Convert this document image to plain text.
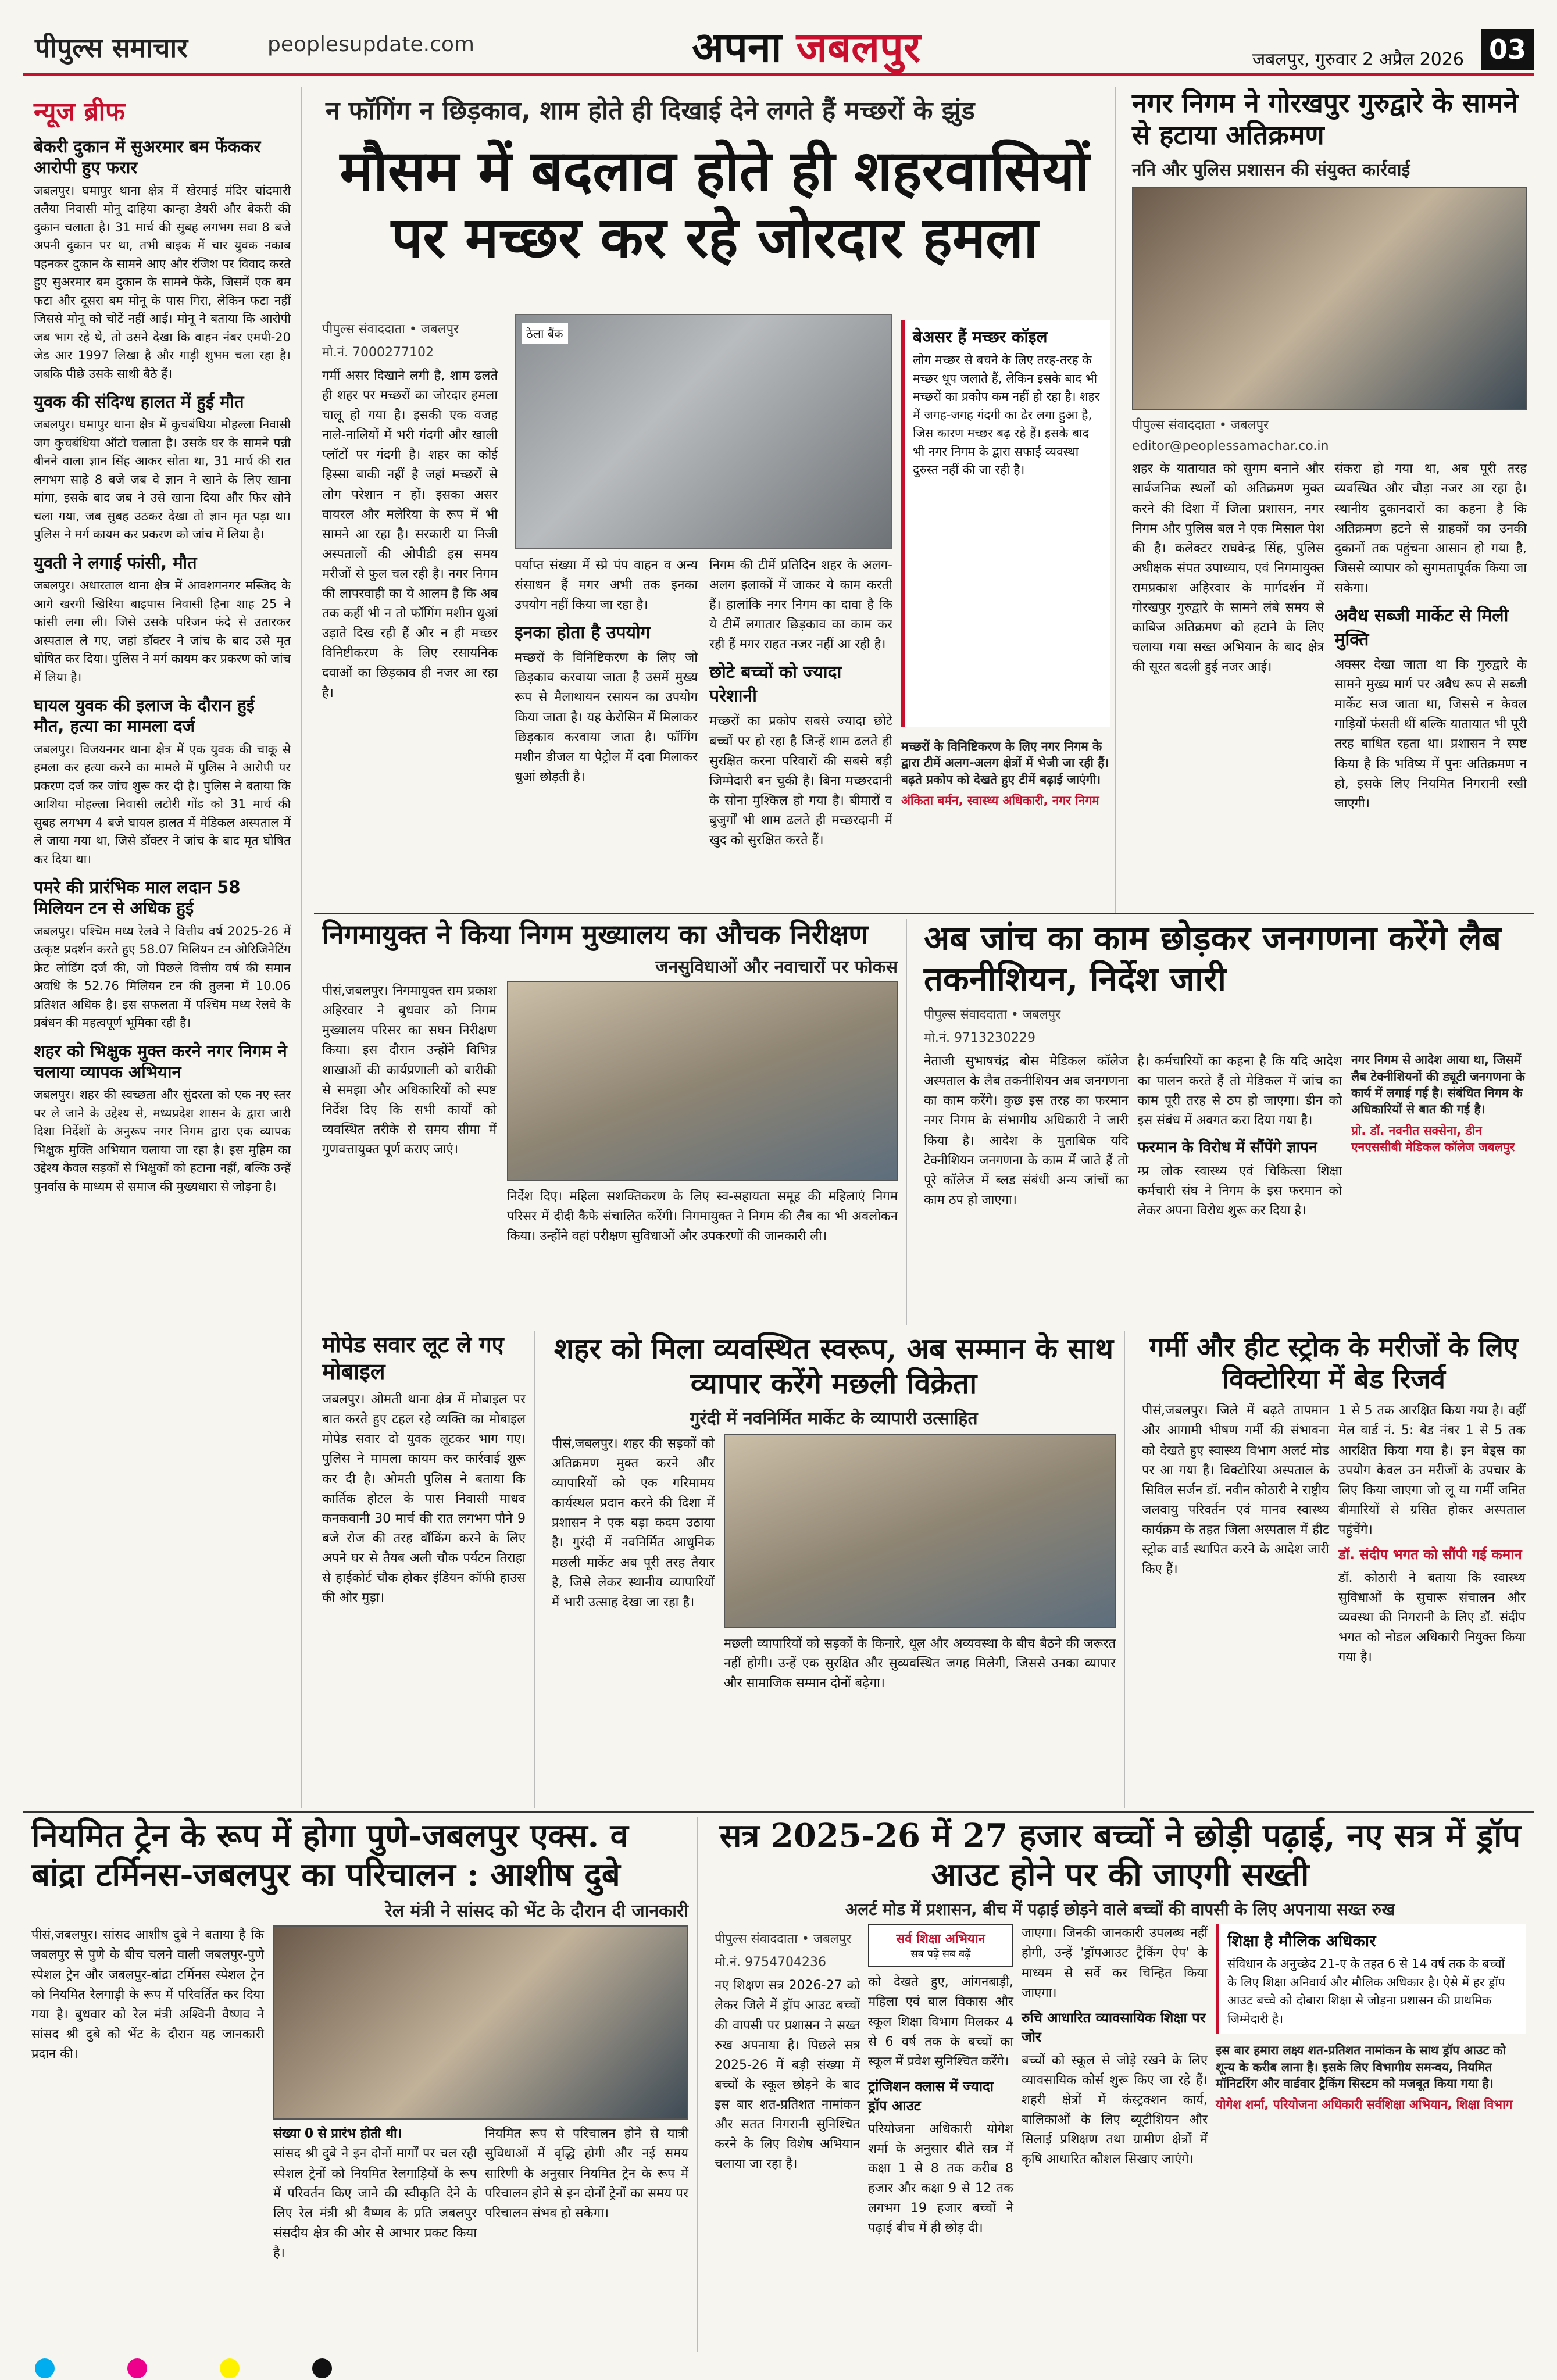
पीपुल्स समाचार	peoplesupdate.com	अपना जबलपुर	जबलपुर, गुरुवार 2 अप्रैल 2026 03
न्यूज ब्रीफ
बेकरी दुकान में सुअरमार बम फेंककर आरोपी हुए फरार

जबलपुर। घमापुर थाना क्षेत्र में खेरमाई मंदिर चांदमारी तलैया निवासी मोनू दाहिया कान्हा डेयरी और बेकरी की दुकान चलाता है। 31 मार्च की सुबह लगभग सवा 8 बजे अपनी दुकान पर था, तभी बाइक में चार युवक नकाब पहनकर दुकान के सामने आए और रंजिश पर विवाद करते हुए सुअरमार बम दुकान के सामने फेंके, जिसमें एक बम फटा और दूसरा बम मोनू के पास गिरा, लेकिन फटा नहीं जिससे मोनू को चोटें नहीं आई। मोनू ने बताया कि आरोपी जब भाग रहे थे, तो उसने देखा कि वाहन नंबर एमपी-20 जेड आर 1997 लिखा है और गाड़ी शुभम चला रहा है। जबकि पीछे उसके साथी बैठे हैं।

युवक की संदिग्ध हालत में हुई मौत

जबलपुर। घमापुर थाना क्षेत्र में कुचबंधिया मोहल्ला निवासी जग कुचबंधिया ऑटो चलाता है। उसके घर के सामने पन्नी बीनने वाला ज्ञान सिंह आकर सोता था, 31 मार्च की रात लगभग साढ़े 8 बजे जब वे ज्ञान ने खाने के लिए खाना मांगा, इसके बाद जब ने उसे खाना दिया और फिर सोने चला गया, जब सुबह उठकर देखा तो ज्ञान मृत पड़ा था। पुलिस ने मर्ग कायम कर प्रकरण को जांच में लिया है।

युवती ने लगाई फांसी, मौत

जबलपुर। अधारताल थाना क्षेत्र में आवशगनगर मस्जिद के आगे खरगी खिरिया बाइपास निवासी हिना शाह 25 ने फांसी लगा ली। जिसे उसके परिजन फंदे से उतारकर अस्पताल ले गए, जहां डॉक्टर ने जांच के बाद उसे मृत घोषित कर दिया। पुलिस ने मर्ग कायम कर प्रकरण को जांच में लिया है।

घायल युवक की इलाज के दौरान हुई मौत, हत्या का मामला दर्ज

जबलपुर। विजयनगर थाना क्षेत्र में एक युवक की चाकू से हमला कर हत्या करने का मामले में पुलिस ने आरोपी पर प्रकरण दर्ज कर जांच शुरू कर दी है। पुलिस ने बताया कि आशिया मोहल्ला निवासी लटोरी गोंड को 31 मार्च की सुबह लगभग 4 बजे घायल हालत में मेडिकल अस्पताल में ले जाया गया था, जिसे डॉक्टर ने जांच के बाद मृत घोषित कर दिया था।

पमरे की प्रारंभिक माल लदान 58 मिलियन टन से अधिक हुई

जबलपुर। पश्चिम मध्य रेलवे ने वित्तीय वर्ष 2025-26 में उत्कृष्ट प्रदर्शन करते हुए 58.07 मिलियन टन ओरिजिनेटिंग फ्रेट लोडिंग दर्ज की, जो पिछले वित्तीय वर्ष की समान अवधि के 52.76 मिलियन टन की तुलना में 10.06 प्रतिशत अधिक है। इस सफलता में पश्चिम मध्य रेलवे के प्रबंधन की महत्वपूर्ण भूमिका रही है।

शहर को भिक्षुक मुक्त करने नगर निगम ने चलाया व्यापक अभियान

जबलपुर। शहर की स्वच्छता और सुंदरता को एक नए स्तर पर ले जाने के उद्देश्य से, मध्यप्रदेश शासन के द्वारा जारी दिशा निर्देशों के अनुरूप नगर निगम द्वारा एक व्यापक भिक्षुक मुक्ति अभियान चलाया जा रहा है। इस मुहिम का उद्देश्य केवल सड़कों से भिक्षुकों को हटाना नहीं, बल्कि उन्हें पुनर्वास के माध्यम से समाज की मुख्यधारा से जोड़ना है।

न फॉगिंग न छिड़काव, शाम होते ही दिखाई देने लगते हैं मच्छरों के झुंड
मौसम में बदलाव होते ही शहरवासियों पर मच्छर कर रहे जोरदार हमला
पीपुल्स संवाददाता • जबलपुर
मो.नं. 7000277102
गर्मी असर दिखाने लगी है, शाम ढलते ही शहर पर मच्छरों का जोरदार हमला चालू हो गया है। इसकी एक वजह नाले-नालियों में भरी गंदगी और खाली प्लॉटों पर गंदगी है। शहर का कोई हिस्सा बाकी नहीं है जहां मच्छरों से लोग परेशान न हों। इसका असर वायरल और मलेरिया के रूप में भी सामने आ रहा है। सरकारी या निजी अस्पतालों की ओपीडी इस समय मरीजों से फुल चल रही है। नगर निगम की लापरवाही का ये आलम है कि अब तक कहीं भी न तो फॉगिंग मशीन धुआं उड़ाते दिख रही हैं और न ही मच्छर विनिष्टीकरण के लिए रसायनिक दवाओं का छिड़काव ही नजर आ रहा है।
ठेला बैंक
पर्याप्त संख्या में स्प्रे पंप वाहन व अन्य संसाधन हैं मगर अभी तक इनका उपयोग नहीं किया जा रहा है।
इनका होता है उपयोग
मच्छरों के विनिष्टिकरण के लिए जो छिड़काव करवाया जाता है उसमें मुख्य रूप से मैलाथायन रसायन का उपयोग किया जाता है। यह केरोसिन में मिलाकर छिड़काव करवाया जाता है। फॉगिंग मशीन डीजल या पेट्रोल में दवा मिलाकर धुआं छोड़ती है।
निगम की टीमें प्रतिदिन शहर के अलग-अलग इलाकों में जाकर ये काम करती हैं। हालांकि नगर निगम का दावा है कि ये टीमें लगातार छिड़काव का काम कर रही हैं मगर राहत नजर नहीं आ रही है।
छोटे बच्चों को ज्यादा परेशानी
मच्छरों का प्रकोप सबसे ज्यादा छोटे बच्चों पर हो रहा है जिन्हें शाम ढलते ही सुरक्षित करना परिवारों की सबसे बड़ी जिम्मेदारी बन चुकी है। बिना मच्छरदानी के सोना मुश्किल हो गया है। बीमारों व बुजुर्गों भी शाम ढलते ही मच्छरदानी में खुद को सुरक्षित करते हैं।
बेअसर हैं मच्छर कॉइल

लोग मच्छर से बचने के लिए तरह-तरह के मच्छर धूप जलाते हैं, लेकिन इसके बाद भी मच्छरों का प्रकोप कम नहीं हो रहा है। शहर में जगह-जगह गंदगी का ढेर लगा हुआ है, जिस कारण मच्छर बढ़ रहे हैं। इसके बाद भी नगर निगम के द्वारा सफाई व्यवस्था दुरुस्त नहीं की जा रही है।

मच्छरों के विनिष्टिकरण के लिए नगर निगम के द्वारा टीमें अलग-अलग क्षेत्रों में भेजी जा रही हैं। बढ़ते प्रकोप को देखते हुए टीमें बढ़ाई जाएंगी।
अंकिता बर्मन, स्वास्थ्य अधिकारी, नगर निगम
नगर निगम ने गोरखपुर गुरुद्वारे के सामने से हटाया अतिक्रमण
ननि और पुलिस प्रशासन की संयुक्त कार्रवाई
पीपुल्स संवाददाता • जबलपुर
editor@peoplessamachar.co.in
शहर के यातायात को सुगम बनाने और सार्वजनिक स्थलों को अतिक्रमण मुक्त करने की दिशा में जिला प्रशासन, नगर निगम और पुलिस बल ने एक मिसाल पेश की है। कलेक्टर राघवेन्द्र सिंह, पुलिस अधीक्षक संपत उपाध्याय, एवं निगमायुक्त रामप्रकाश अहिरवार के मार्गदर्शन में गोरखपुर गुरुद्वारे के सामने लंबे समय से काबिज अतिक्रमण को हटाने के लिए चलाया गया सख्त अभियान के बाद क्षेत्र की सूरत बदली हुई नजर आई।
संकरा हो गया था, अब पूरी तरह व्यवस्थित और चौड़ा नजर आ रहा है। स्थानीय दुकानदारों का कहना है कि अतिक्रमण हटने से ग्राहकों का उनकी दुकानों तक पहुंचना आसान हो गया है, जिससे व्यापार को सुगमतापूर्वक किया जा सकेगा।
अवैध सब्जी मार्केट से मिली मुक्ति
अक्सर देखा जाता था कि गुरुद्वारे के सामने मुख्य मार्ग पर अवैध रूप से सब्जी मार्केट सज जाता था, जिससे न केवल गाड़ियों फंसती थीं बल्कि यातायात भी पूरी तरह बाधित रहता था। प्रशासन ने स्पष्ट किया है कि भविष्य में पुनः अतिक्रमण न हो, इसके लिए नियमित निगरानी रखी जाएगी।
निगमायुक्त ने किया निगम मुख्यालय का औचक निरीक्षण
जनसुविधाओं और नवाचारों पर फोकस
पीसं,जबलपुर। निगमायुक्त राम प्रकाश अहिरवार ने बुधवार को निगम मुख्यालय परिसर का सघन निरीक्षण किया। इस दौरान उन्होंने विभिन्न शाखाओं की कार्यप्रणाली को बारीकी से समझा और अधिकारियों को स्पष्ट निर्देश दिए कि सभी कार्यों को व्यवस्थित तरीके से समय सीमा में गुणवत्तायुक्त पूर्ण कराए जाएं।
निर्देश दिए। महिला सशक्तिकरण के लिए स्व-सहायता समूह की महिलाएं निगम परिसर में दीदी कैफे संचालित करेंगी। निगमायुक्त ने निगम की लैब का भी अवलोकन किया। उन्होंने वहां परीक्षण सुविधाओं और उपकरणों की जानकारी ली।
अब जांच का काम छोड़कर जनगणना करेंगे लैब तकनीशियन, निर्देश जारी
पीपुल्स संवाददाता • जबलपुर
मो.नं. 9713230229
नेताजी सुभाषचंद्र बोस मेडिकल कॉलेज अस्पताल के लैब तकनीशियन अब जनगणना का काम करेंगे। कुछ इस तरह का फरमान नगर निगम के संभागीय अधिकारी ने जारी किया है। आदेश के मुताबिक यदि टेक्नीशियन जनगणना के काम में जाते हैं तो पूरे कॉलेज में ब्लड संबंधी अन्य जांचों का काम ठप हो जाएगा।
है। कर्मचारियों का कहना है कि यदि आदेश का पालन करते हैं तो मेडिकल में जांच का काम पूरी तरह से ठप हो जाएगा। डीन को इस संबंध में अवगत करा दिया गया है।
फरमान के विरोध में सौंपेंगे ज्ञापन
म्प्र लोक स्वास्थ्य एवं चिकित्सा शिक्षा कर्मचारी संघ ने निगम के इस फरमान को लेकर अपना विरोध शुरू कर दिया है।
नगर निगम से आदेश आया था, जिसमें लैब टेक्नीशियनों की ड्यूटी जनगणना के कार्य में लगाई गई है। संबंधित निगम के अधिकारियों से बात की गई है।
प्रो. डॉ. नवनीत सक्सेना, डीन एनएससीबी मेडिकल कॉलेज जबलपुर
मोपेड सवार लूट ले गए मोबाइल
जबलपुर। ओमती थाना क्षेत्र में मोबाइल पर बात करते हुए टहल रहे व्यक्ति का मोबाइल मोपेड सवार दो युवक लूटकर भाग गए। पुलिस ने मामला कायम कर कार्रवाई शुरू कर दी है। ओमती पुलिस ने बताया कि कार्तिक होटल के पास निवासी माधव कनकवानी 30 मार्च की रात लगभग पौने 9 बजे रोज की तरह वॉकिंग करने के लिए अपने घर से तैयब अली चौक पर्यटन तिराहा से हाईकोर्ट चौक होकर इंडियन कॉफी हाउस की ओर मुड़ा।
शहर को मिला व्यवस्थित स्वरूप, अब सम्मान के साथ व्यापार करेंगे मछली विक्रेता
गुरंदी में नवनिर्मित मार्केट के व्यापारी उत्साहित
पीसं,जबलपुर। शहर की सड़कों को अतिक्रमण मुक्त करने और व्यापारियों को एक गरिमामय कार्यस्थल प्रदान करने की दिशा में प्रशासन ने एक बड़ा कदम उठाया है। गुरंदी में नवनिर्मित आधुनिक मछली मार्केट अब पूरी तरह तैयार है, जिसे लेकर स्थानीय व्यापारियों में भारी उत्साह देखा जा रहा है।
मछली व्यापारियों को सड़कों के किनारे, धूल और अव्यवस्था के बीच बैठने की जरूरत नहीं होगी। उन्हें एक सुरक्षित और सुव्यवस्थित जगह मिलेगी, जिससे उनका व्यापार और सामाजिक सम्मान दोनों बढ़ेगा।
गर्मी और हीट स्ट्रोक के मरीजों के लिए विक्टोरिया में बेड रिजर्व
पीसं,जबलपुर। जिले में बढ़ते तापमान और आगामी भीषण गर्मी की संभावना को देखते हुए स्वास्थ्य विभाग अलर्ट मोड पर आ गया है। विक्टोरिया अस्पताल के सिविल सर्जन डॉ. नवीन कोठारी ने राष्ट्रीय जलवायु परिवर्तन एवं मानव स्वास्थ्य कार्यक्रम के तहत जिला अस्पताल में हीट स्ट्रोक वार्ड स्थापित करने के आदेश जारी किए हैं।
1 से 5 तक आरक्षित किया गया है। वहीं मेल वार्ड नं. 5: बेड नंबर 1 से 5 तक आरक्षित किया गया है। इन बेड्स का उपयोग केवल उन मरीजों के उपचार के लिए किया जाएगा जो लू या गर्मी जनित बीमारियों से ग्रसित होकर अस्पताल पहुंचेंगे।
डॉ. संदीप भगत को सौंपी गई कमान
डॉ. कोठारी ने बताया कि स्वास्थ्य सुविधाओं के सुचारू संचालन और व्यवस्था की निगरानी के लिए डॉ. संदीप भगत को नोडल अधिकारी नियुक्त किया गया है।
नियमित ट्रेन के रूप में होगा पुणे-जबलपुर एक्स. व बांद्रा टर्मिनस-जबलपुर का परिचालन : आशीष दुबे
रेल मंत्री ने सांसद को भेंट के दौरान दी जानकारी
पीसं,जबलपुर। सांसद आशीष दुबे ने बताया है कि जबलपुर से पुणे के बीच चलने वाली जबलपुर-पुणे स्पेशल ट्रेन और जबलपुर-बांद्रा टर्मिनस स्पेशल ट्रेन को नियमित रेलगाड़ी के रूप में परिवर्तित कर दिया गया है। बुधवार को रेल मंत्री अश्विनी वैष्णव ने सांसद श्री दुबे को भेंट के दौरान यह जानकारी प्रदान की।
संख्या 0 से प्रारंभ होती थी।
सांसद श्री दुबे ने इन दोनों मार्गों पर चल रही स्पेशल ट्रेनों को नियमित रेलगाड़ियों के रूप में परिवर्तन किए जाने की स्वीकृति देने के लिए रेल मंत्री श्री वैष्णव के प्रति जबलपुर संसदीय क्षेत्र की ओर से आभार प्रकट किया है।
नियमित रूप से परिचालन होने से यात्री सुविधाओं में वृद्धि होगी और नई समय सारिणी के अनुसार नियमित ट्रेन के रूप में परिचालन होने से इन दोनों ट्रेनों का समय पर परिचालन संभव हो सकेगा।
सत्र 2025-26 में 27 हजार बच्चों ने छोड़ी पढ़ाई, नए सत्र में ड्रॉप आउट होने पर की जाएगी सख्ती
अलर्ट मोड में प्रशासन, बीच में पढ़ाई छोड़ने वाले बच्चों की वापसी के लिए अपनाया सख्त रुख
पीपुल्स संवाददाता • जबलपुर
मो.नं. 9754704236
नए शिक्षण सत्र 2026-27 को लेकर जिले में ड्रॉप आउट बच्चों की वापसी पर प्रशासन ने सख्त रुख अपनाया है। पिछले सत्र 2025-26 में बड़ी संख्या में बच्चों के स्कूल छोड़ने के बाद इस बार शत-प्रतिशत नामांकन और सतत निगरानी सुनिश्चित करने के लिए विशेष अभियान चलाया जा रहा है।
सर्व शिक्षा अभियान
सब पढ़ें सब बढ़ें
को देखते हुए, आंगनबाड़ी, महिला एवं बाल विकास और स्कूल शिक्षा विभाग मिलकर 4 से 6 वर्ष तक के बच्चों का स्कूल में प्रवेश सुनिश्चित करेंगे।
ट्रांजिशन क्लास में ज्यादा ड्रॉप आउट
परियोजना अधिकारी योगेश शर्मा के अनुसार बीते सत्र में कक्षा 1 से 8 तक करीब 8 हजार और कक्षा 9 से 12 तक लगभग 19 हजार बच्चों ने पढ़ाई बीच में ही छोड़ दी।
जाएगा। जिनकी जानकारी उपलब्ध नहीं होगी, उन्हें 'ड्रॉपआउट ट्रैकिंग ऐप' के माध्यम से सर्वे कर चिन्हित किया जाएगा।
रुचि आधारित व्यावसायिक शिक्षा पर जोर
बच्चों को स्कूल से जोड़े रखने के लिए व्यावसायिक कोर्स शुरू किए जा रहे हैं। शहरी क्षेत्रों में कंस्ट्रक्शन कार्य, बालिकाओं के लिए ब्यूटीशियन और सिलाई प्रशिक्षण तथा ग्रामीण क्षेत्रों में कृषि आधारित कौशल सिखाए जाएंगे।
शिक्षा है मौलिक अधिकार

संविधान के अनुच्छेद 21-ए के तहत 6 से 14 वर्ष तक के बच्चों के लिए शिक्षा अनिवार्य और मौलिक अधिकार है। ऐसे में हर ड्रॉप आउट बच्चे को दोबारा शिक्षा से जोड़ना प्रशासन की प्राथमिक जिम्मेदारी है।

इस बार हमारा लक्ष्य शत-प्रतिशत नामांकन के साथ ड्रॉप आउट को शून्य के करीब लाना है। इसके लिए विभागीय समन्वय, नियमित मॉनिटरिंग और वार्डवार ट्रैकिंग सिस्टम को मजबूत किया गया है।
योगेश शर्मा, परियोजना अधिकारी सर्वशिक्षा अभियान, शिक्षा विभाग
